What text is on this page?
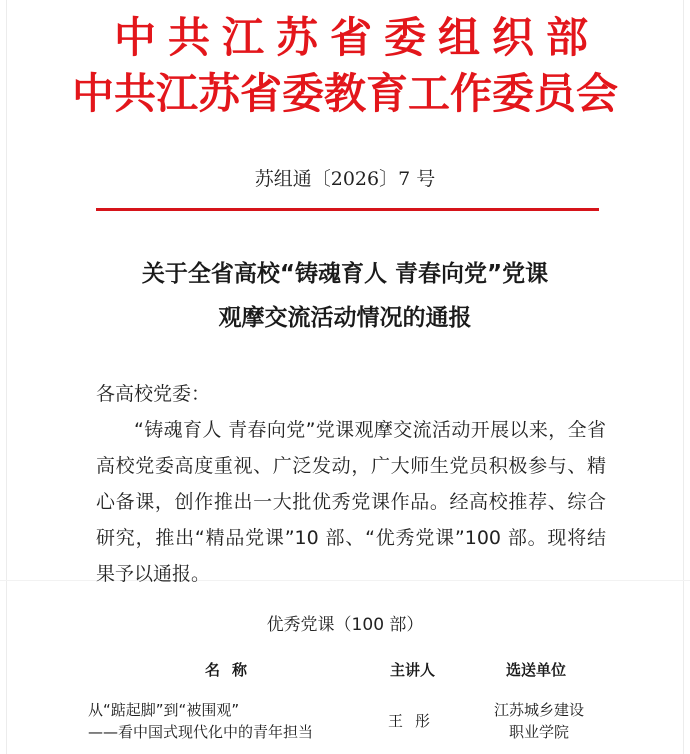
中共江苏省委组织部
中共江苏省委教育工作委员会
苏组通〔2026〕7 号
关于全省高校“铸魂育人 青春向党”党课
观摩交流活动情况的通报
各高校党委：
“铸魂育人 青春向党”党课观摩交流活动开展以来，全省高校党委高度重视、广泛发动，广大师生党员积极参与、精心备课，创作推出一大批优秀党课作品。经高校推荐、综合研究，推出“精品党课”10 部、“优秀党课”100 部。现将结果予以通报。
优秀党课（100 部）
名称	主讲人	选送单位
从“踮起脚”到“被围观”
——看中国式现代化中的青年担当
王彤
江苏城乡建设
职业学院
